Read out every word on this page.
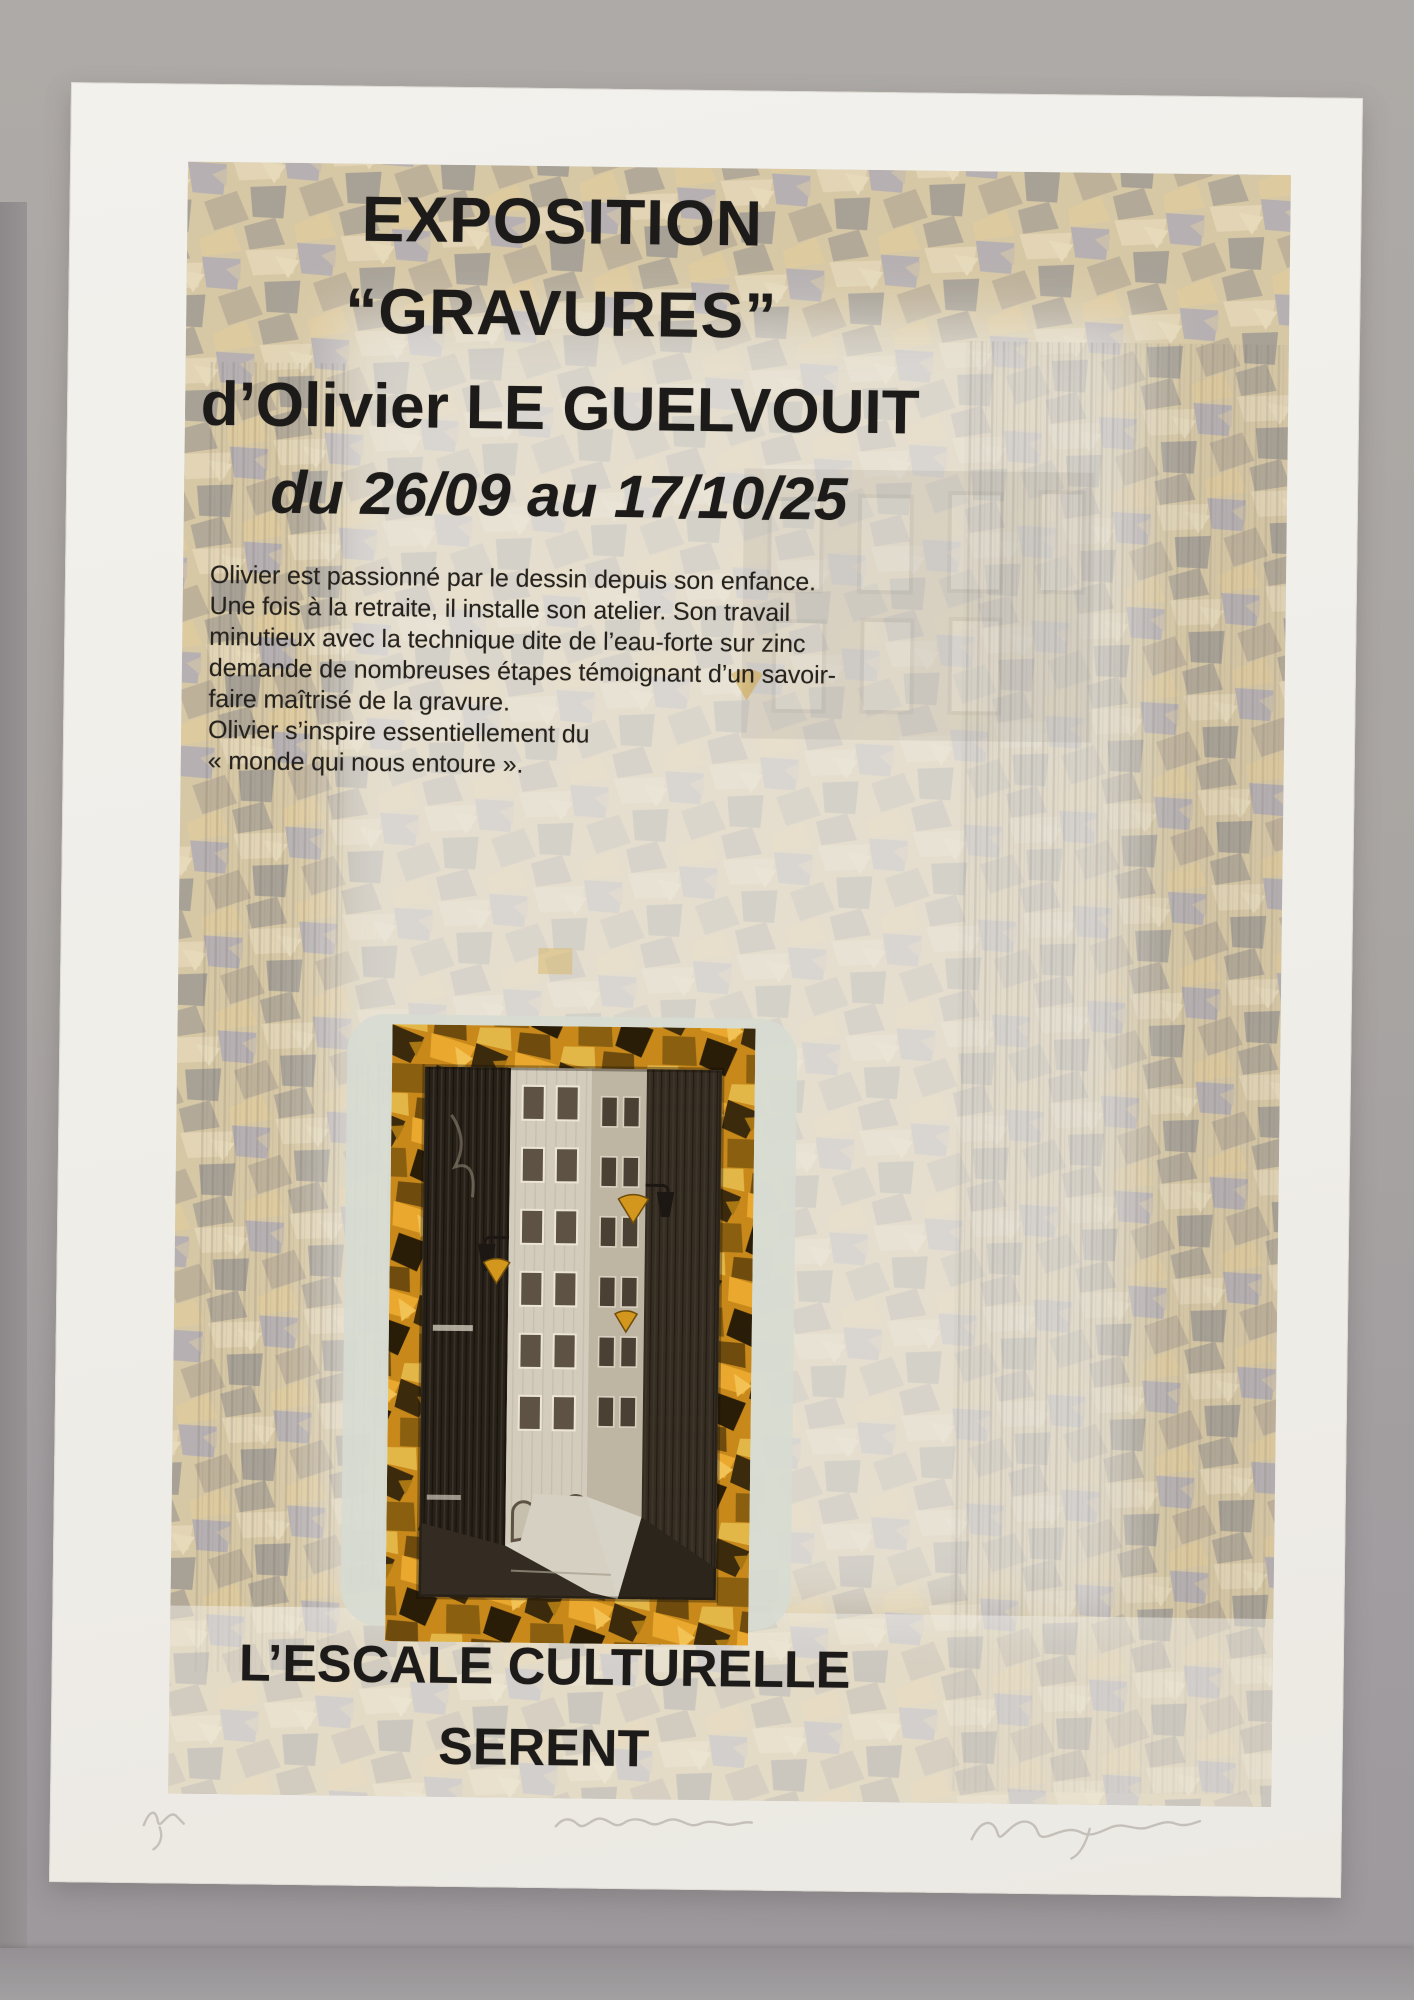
EXPOSITION
“GRAVURES”
d’Olivier LE GUELVOUIT
du 26/09 au 17/10/25
Olivier est passionné par le dessin depuis son enfance.
Une fois à la retraite, il installe son atelier. Son travail
minutieux avec la technique dite de l’eau-forte sur zinc
demande de nombreuses étapes témoignant d’un savoir-
faire maîtrisé de la gravure.
Olivier s’inspire essentiellement du
« monde qui nous entoure ».
L’ESCALE CULTURELLE
SERENT
